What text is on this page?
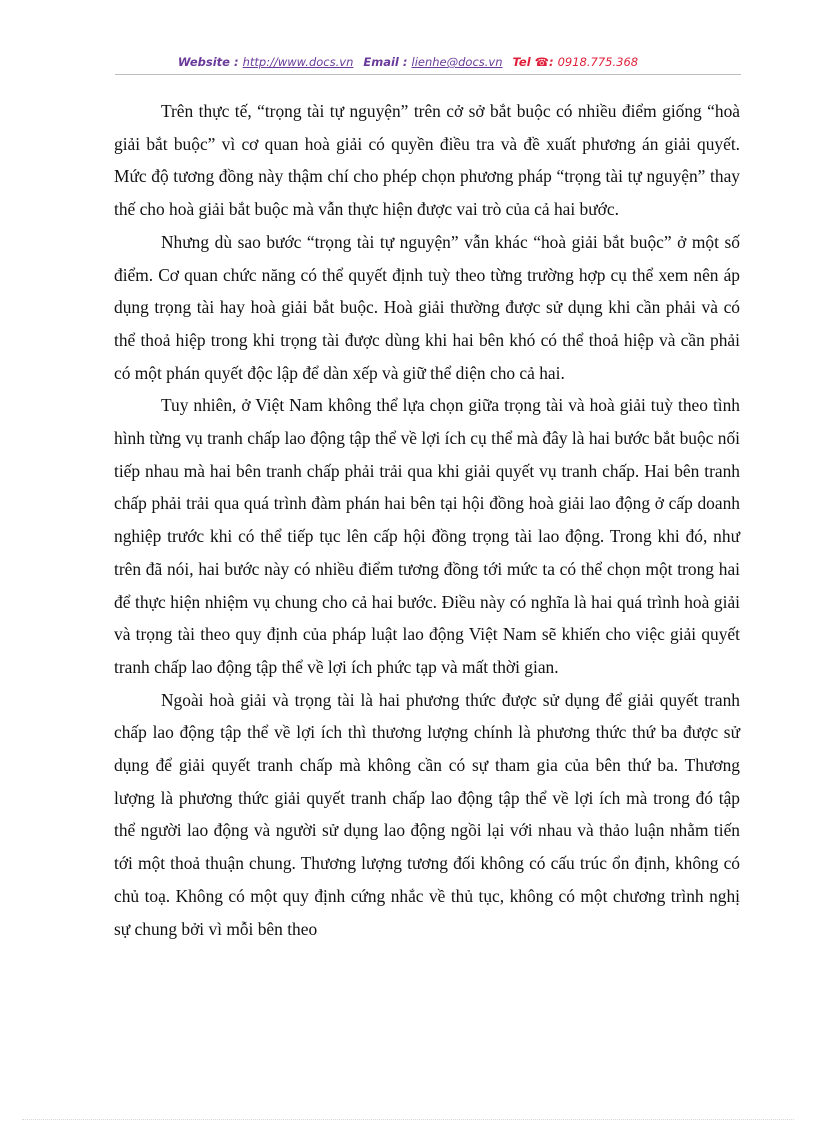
Website : http://www.docs.vn Email : lienhe@docs.vn Tel ☎: 0918.775.368

Trên thực tế, “trọng tài tự nguyện” trên cở sở bắt buộc có nhiều điểm giống “hoà giải bắt buộc” vì cơ quan hoà giải có quyền điều tra và đề xuất phương án giải quyết. Mức độ tương đồng này thậm chí cho phép chọn phương pháp “trọng tài tự nguyện” thay thế cho hoà giải bắt buộc mà vẫn thực hiện được vai trò của cả hai bước.

Nhưng dù sao bước “trọng tài tự nguyện” vẫn khác “hoà giải bắt buộc” ở một số điểm. Cơ quan chức năng có thể quyết định tuỳ theo từng trường hợp cụ thể xem nên áp dụng trọng tài hay hoà giải bắt buộc. Hoà giải thường được sử dụng khi cần phải và có thể thoả hiệp trong khi trọng tài được dùng khi hai bên khó có thể thoả hiệp và cần phải có một phán quyết độc lập để dàn xếp và giữ thể diện cho cả hai.

Tuy nhiên, ở Việt Nam không thể lựa chọn giữa trọng tài và hoà giải tuỳ theo tình hình từng vụ tranh chấp lao động tập thể về lợi ích cụ thể mà đây là hai bước bắt buộc nối tiếp nhau mà hai bên tranh chấp phải trải qua khi giải quyết vụ tranh chấp. Hai bên tranh chấp phải trải qua quá trình đàm phán hai bên tại hội đồng hoà giải lao động ở cấp doanh nghiệp trước khi có thể tiếp tục lên cấp hội đồng trọng tài lao động. Trong khi đó, như trên đã nói, hai bước này có nhiều điểm tương đồng tới mức ta có thể chọn một trong hai để thực hiện nhiệm vụ chung cho cả hai bước. Điều này có nghĩa là hai quá trình hoà giải và trọng tài theo quy định của pháp luật lao động Việt Nam sẽ khiến cho việc giải quyết tranh chấp lao động tập thể về lợi ích phức tạp và mất thời gian.

Ngoài hoà giải và trọng tài là hai phương thức được sử dụng để giải quyết tranh chấp lao động tập thể về lợi ích thì thương lượng chính là phương thức thứ ba được sử dụng để giải quyết tranh chấp mà không cần có sự tham gia của bên thứ ba. Thương lượng là phương thức giải quyết tranh chấp lao động tập thể về lợi ích mà trong đó tập thể người lao động và người sử dụng lao động ngồi lại với nhau và thảo luận nhằm tiến tới một thoả thuận chung. Thương lượng tương đối không có cấu trúc ổn định, không có chủ toạ. Không có một quy định cứng nhắc về thủ tục, không có một chương trình nghị sự chung bởi vì mỗi bên theo
